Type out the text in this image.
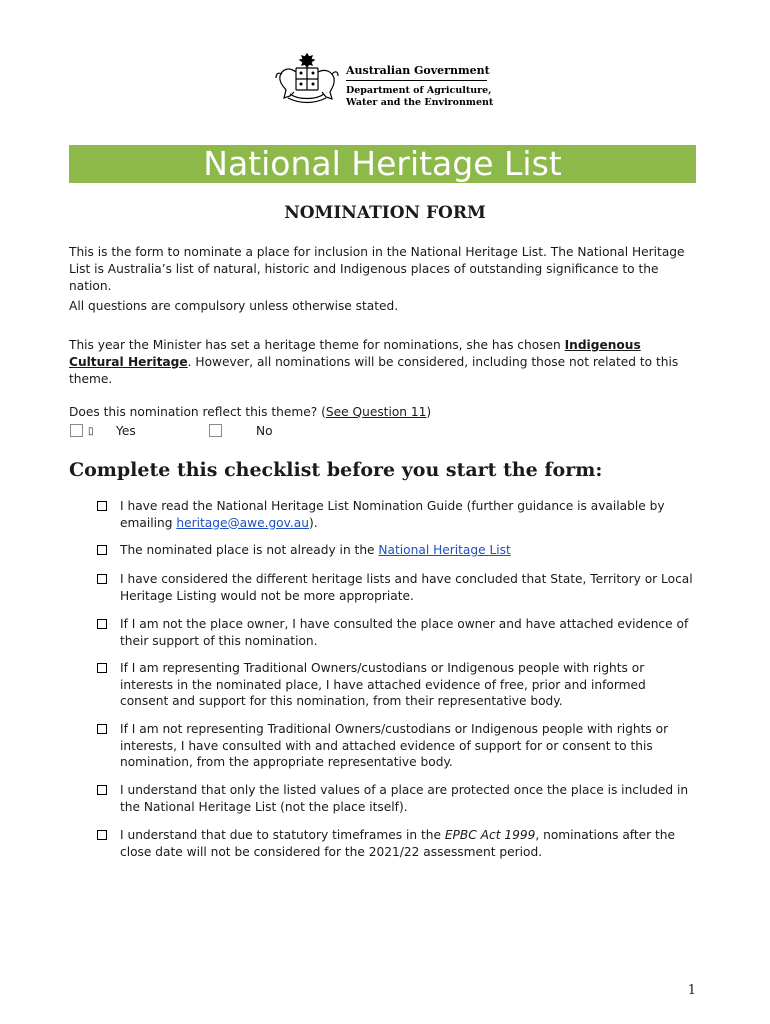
Australian Government
Department of Agriculture,
Water and the Environment
National Heritage List
NOMINATION FORM
This is the form to nominate a place for inclusion in the National Heritage List. The National Heritage List is Australia’s list of natural, historic and Indigenous places of outstanding significance to the nation.
All questions are compulsory unless otherwise stated.
This year the Minister has set a heritage theme for nominations, she has chosen Indigenous Cultural Heritage. However, all nominations will be considered, including those not related to this theme.
Does this nomination reflect this theme? (See Question 11)
▯ Yes	No
Complete this checklist before you start the form:
I have read the National Heritage List Nomination Guide (further guidance is available by emailing heritage@awe.gov.au).
The nominated place is not already in the National Heritage List
I have considered the different heritage lists and have concluded that State, Territory or Local Heritage Listing would not be more appropriate.
If I am not the place owner, I have consulted the place owner and have attached evidence of their support of this nomination.
If I am representing Traditional Owners/custodians or Indigenous people with rights or interests in the nominated place, I have attached evidence of free, prior and informed consent and support for this nomination, from their representative body.
If I am not representing Traditional Owners/custodians or Indigenous people with rights or interests, I have consulted with and attached evidence of support for or consent to this nomination, from the appropriate representative body.
I understand that only the listed values of a place are protected once the place is included in the National Heritage List (not the place itself).
I understand that due to statutory timeframes in the EPBC Act 1999, nominations after the close date will not be considered for the 2021/22 assessment period.
1
